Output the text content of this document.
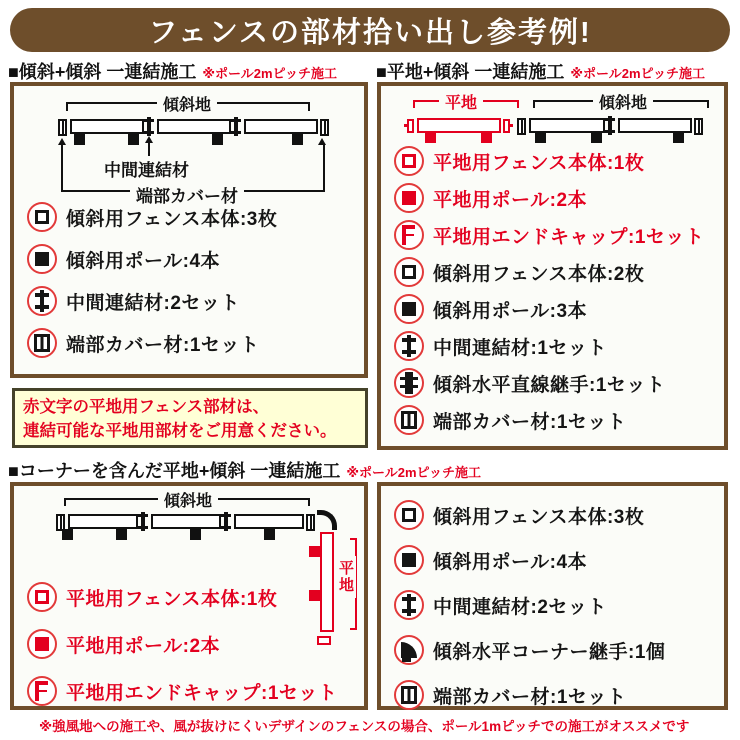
フェンスの部材拾い出し参考例!
■傾斜+傾斜 一連結施工 ※ポール2mピッチ施工 ■平地+傾斜 一連結施工 ※ポール2mピッチ施工
■コーナーを含んだ平地+傾斜 一連結施工 ※ポール2mピッチ施工
傾斜地
中間連結材
端部カバー材
傾斜用フェンス本体:3枚
傾斜用ポール:4本
中間連結材:2セット
端部カバー材:1セット
平地	傾斜地
平地用フェンス本体:1枚
平地用ポール:2本
平地用エンドキャップ:1セット
傾斜用フェンス本体:2枚
傾斜用ポール:3本
中間連結材:1セット
傾斜水平直線継手:1セット
端部カバー材:1セット
赤文字の平地用フェンス部材は、
連結可能な平地用部材をご用意ください。
傾斜地
平地
平地用フェンス本体:1枚
平地用ポール:2本
平地用エンドキャップ:1セット
傾斜用フェンス本体:3枚
傾斜用ポール:4本
中間連結材:2セット
傾斜水平コーナー継手:1個
端部カバー材:1セット
※強風地への施工や、風が抜けにくいデザインのフェンスの場合、ポール1mピッチでの施工がオススメです
